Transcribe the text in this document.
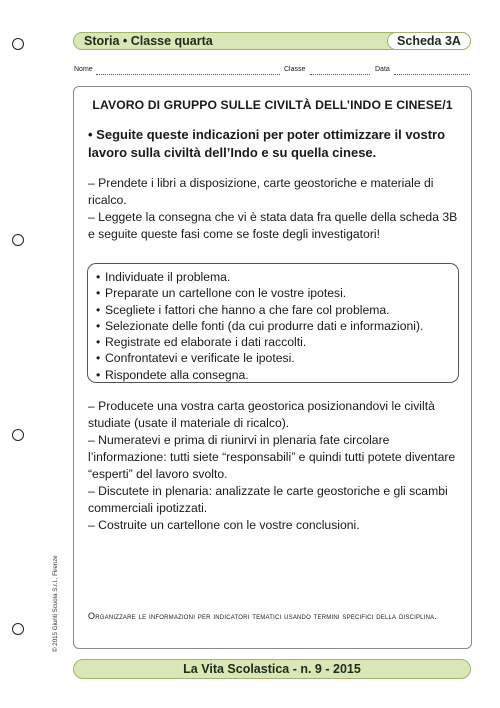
Storia • Classe quarta	Scheda 3A
Nome	Classe	Data
LAVORO DI GRUPPO SULLE CIVILTÀ DELL’INDO E CINESE/1
• Seguite queste indicazioni per poter ottimizzare il vostro lavoro sulla civiltà dell’Indo e su quella cinese.

– Prendete i libri a disposizione, carte geostoriche e materiale di ricalco.

– Leggete la consegna che vi è stata data fra quelle della scheda 3B e seguite queste fasi come se foste degli investigatori!

• Individuate il problema.
• Preparate un cartellone con le vostre ipotesi.
• Scegliete i fattori che hanno a che fare col problema.
• Selezionate delle fonti (da cui produrre dati e informazioni).
• Registrate ed elaborate i dati raccolti.
• Confrontatevi e verificate le ipotesi.
• Rispondete alla consegna.

– Producete una vostra carta geostorica posizionandovi le civiltà studiate (usate il materiale di ricalco).

– Numeratevi e prima di riunirvi in plenaria fate circolare l’informazione: tutti siete “responsabili” e quindi tutti potete diventare “esperti” del lavoro svolto.

– Discutete in plenaria: analizzate le carte geostoriche e gli scambi commerciali ipotizzati.

– Costruite un cartellone con le vostre conclusioni.

Organizzare le informazioni per indicatori tematici usando termini specifici della disciplina.
© 2015 Giunti Scuola S.r.l., Firenze
La Vita Scolastica - n. 9 - 2015
